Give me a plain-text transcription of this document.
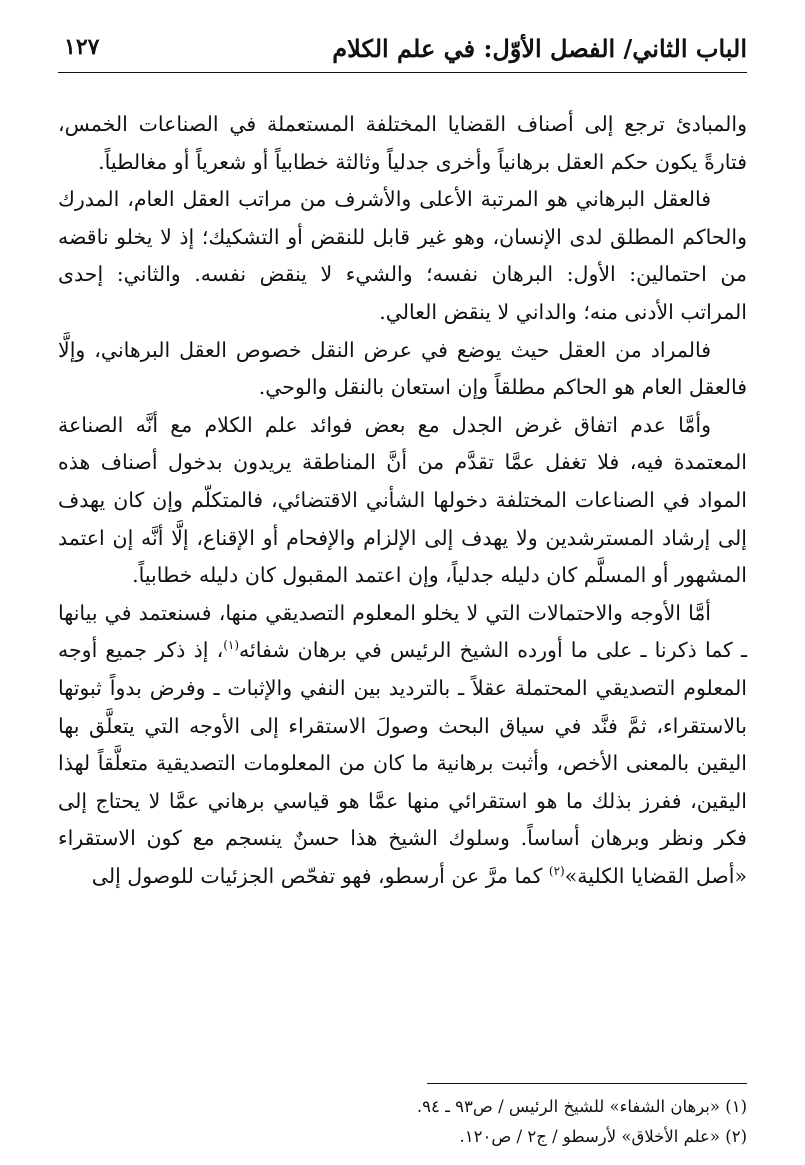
الباب الثاني/ الفصل الأوّل: في علم الكلام
١٢٧

والمبادئ ترجع إلى أصناف القضايا المختلفة المستعملة في الصناعات الخمس، فتارةً يكون حكم العقل برهانياً وأخرى جدلياً وثالثة خطابياً أو شعرياً أو مغالطياً.

فالعقل البرهاني هو المرتبة الأعلى والأشرف من مراتب العقل العام، المدرك والحاكم المطلق لدى الإنسان، وهو غير قابل للنقض أو التشكيك؛ إذ لا يخلو ناقضه من احتمالين: الأول: البرهان نفسه؛ والشيء لا ينقض نفسه. والثاني: إحدى المراتب الأدنى منه؛ والداني لا ينقض العالي.

فالمراد من العقل حيث يوضع في عرض النقل خصوص العقل البرهاني، وإلَّا فالعقل العام هو الحاكم مطلقاً وإن استعان بالنقل والوحي.

وأمَّا عدم اتفاق غرض الجدل مع بعض فوائد علم الكلام مع أنَّه الصناعة المعتمدة فيه، فلا تغفل عمَّا تقدَّم من أنَّ المناطقة يريدون بدخول أصناف هذه المواد في الصناعات المختلفة دخولها الشأني الاقتضائي، فالمتكلّم وإن كان يهدف إلى إرشاد المسترشدين ولا يهدف إلى الإلزام والإفحام أو الإقناع، إلَّا أنَّه إن اعتمد المشهور أو المسلَّم كان دليله جدلياً، وإن اعتمد المقبول كان دليله خطابياً.

أمَّا الأوجه والاحتمالات التي لا يخلو المعلوم التصديقي منها، فسنعتمد في بيانها ـ كما ذكرنا ـ على ما أورده الشيخ الرئيس في برهان شفائه$^{(١)}$، إذ ذكر جميع أوجه المعلوم التصديقي المحتملة عقلاً ـ بالترديد بين النفي والإثبات ـ وفرض بدواً ثبوتها بالاستقراء، ثمَّ فنَّد في سياق البحث وصولَ الاستقراء إلى الأوجه التي يتعلَّق بها اليقين بالمعنى الأخص، وأثبت برهانية ما كان من المعلومات التصديقية متعلَّقاً لهذا اليقين، ففرز بذلك ما هو استقرائي منها عمَّا هو قياسي برهاني عمَّا لا يحتاج إلى فكر ونظر وبرهان أساساً. وسلوك الشيخ هذا حسنٌ ينسجم مع كون الاستقراء «أصل القضايا الكلية»$^{(٢)}$ كما مرَّ عن أرسطو، فهو تفحّص الجزئيات للوصول إلى

(١) «برهان الشفاء» للشيخ الرئيس / ص٩٣ ـ ٩٤.

(٢) «علم الأخلاق» لأرسطو / ج٢ / ص١٢٠.
